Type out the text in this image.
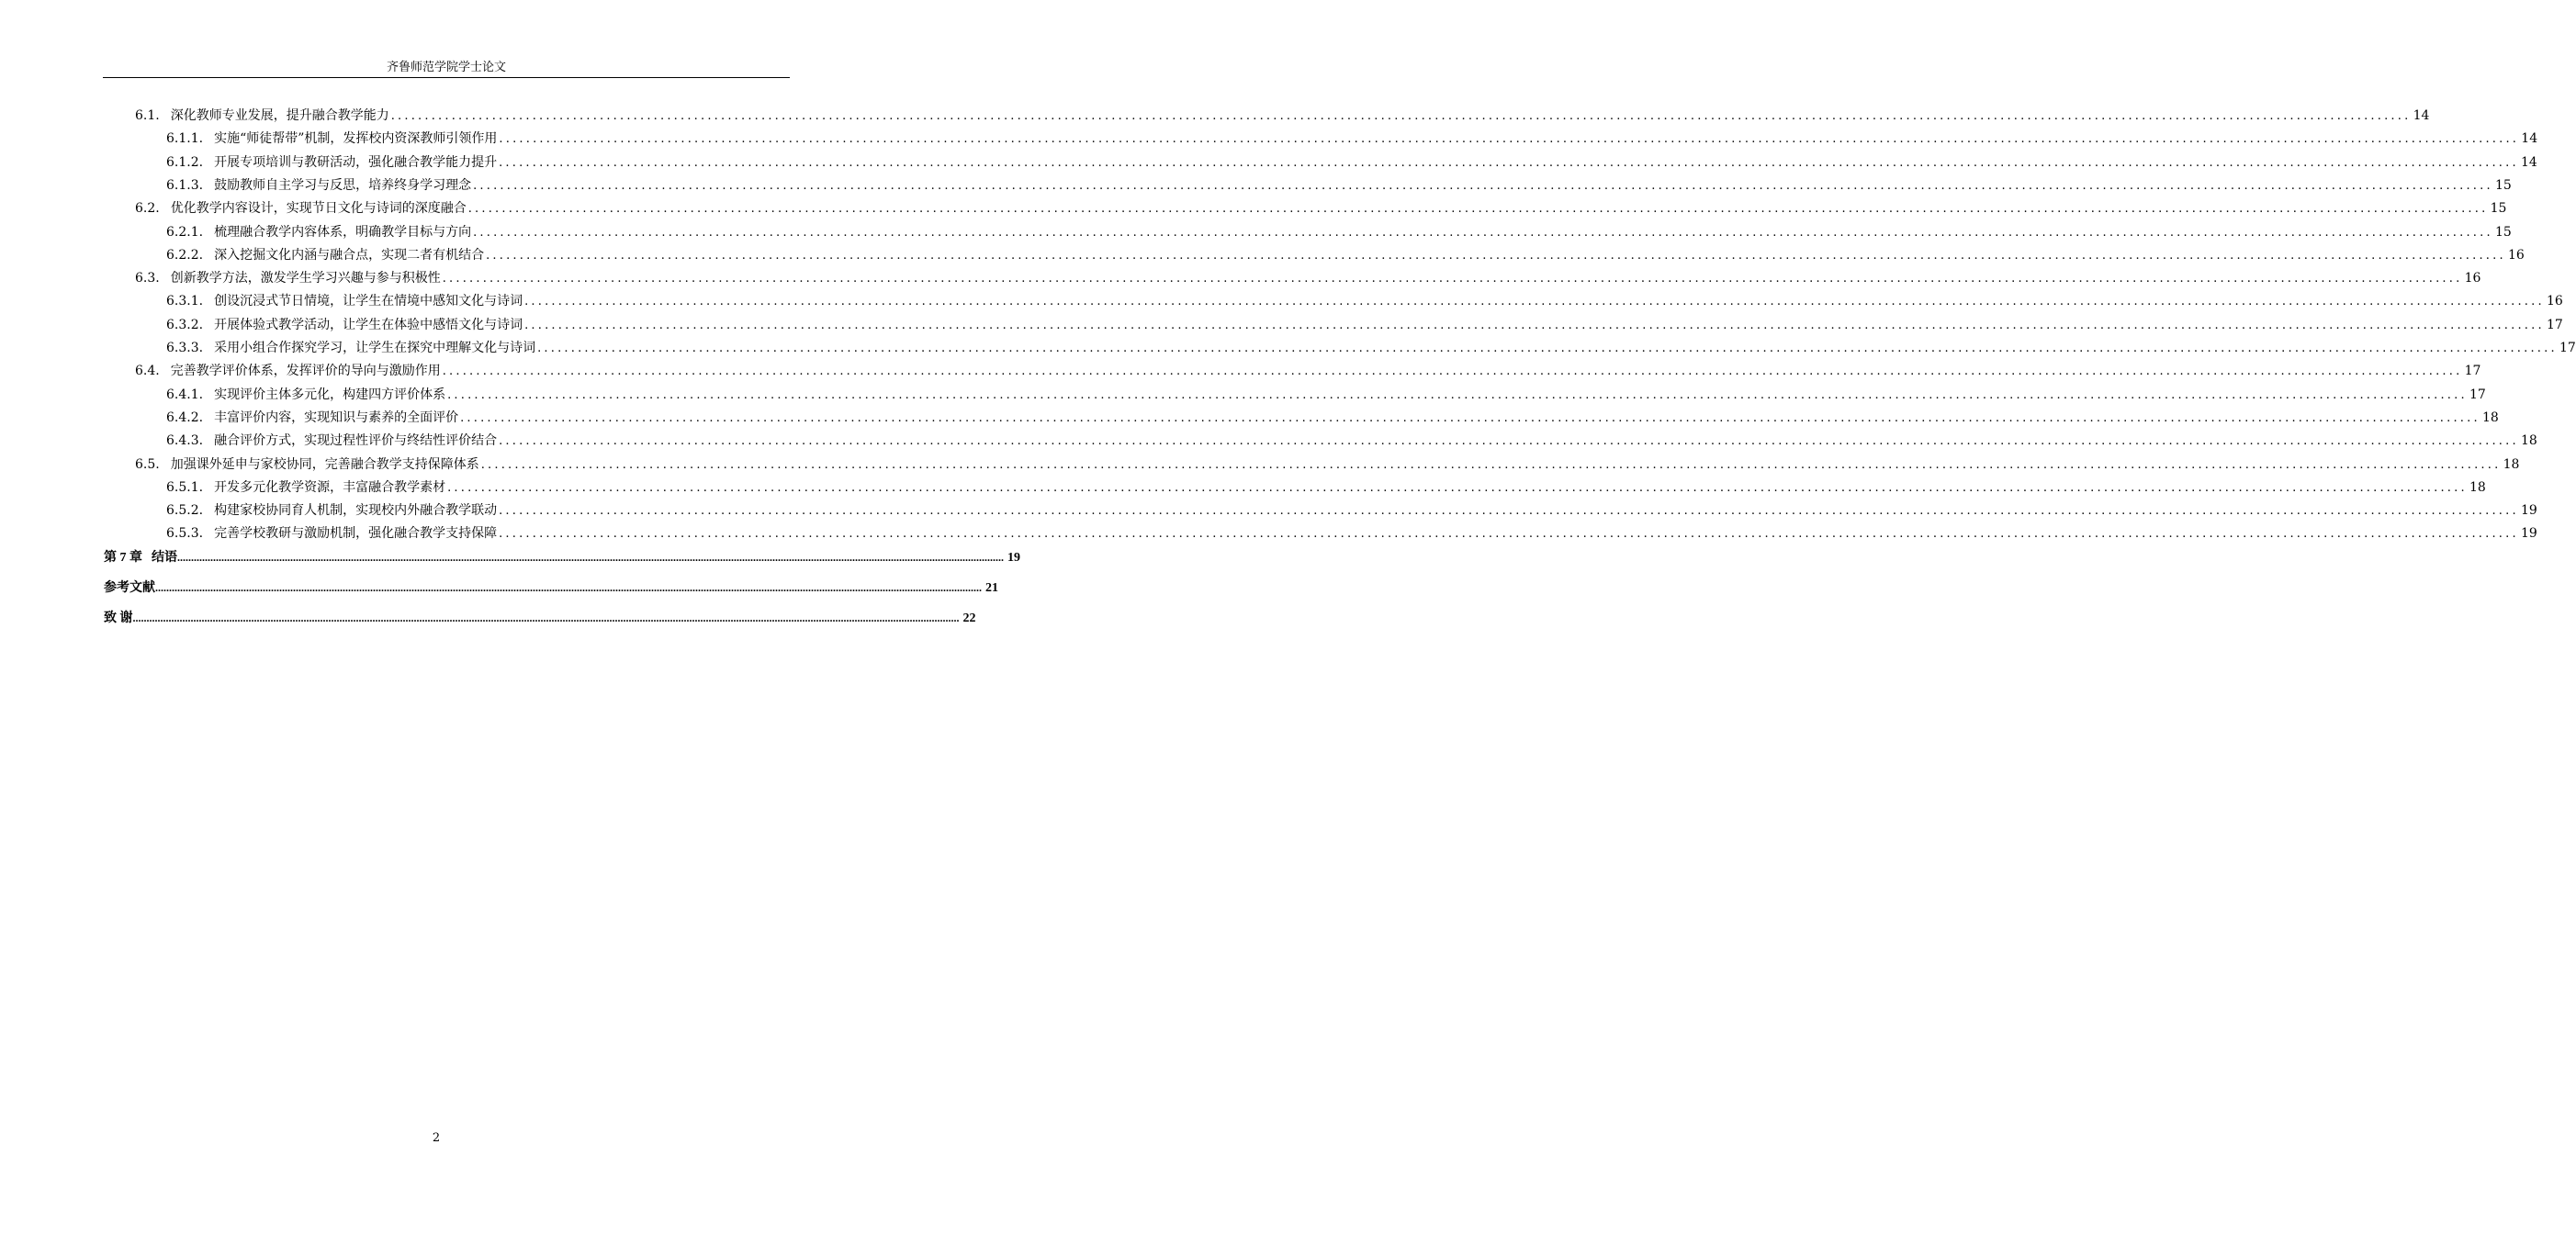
齐鲁师范学院学士论文
6.1. 深化教师专业发展，提升融合教学能力 ............................................................................................................................................................................................................................................................................................................ 14
6.1.1. 实施“师徒帮带”机制，发挥校内资深教师引领作用 ............................................................................................................................................................................................................................................................................................................ 14
6.1.2. 开展专项培训与教研活动，强化融合教学能力提升 ............................................................................................................................................................................................................................................................................................................ 14
6.1.3. 鼓励教师自主学习与反思，培养终身学习理念 ............................................................................................................................................................................................................................................................................................................ 15
6.2. 优化教学内容设计，实现节日文化与诗词的深度融合 ............................................................................................................................................................................................................................................................................................................ 15
6.2.1. 梳理融合教学内容体系，明确教学目标与方向 ............................................................................................................................................................................................................................................................................................................ 15
6.2.2. 深入挖掘文化内涵与融合点，实现二者有机结合 ............................................................................................................................................................................................................................................................................................................ 16
6.3. 创新教学方法，激发学生学习兴趣与参与积极性 ............................................................................................................................................................................................................................................................................................................ 16
6.3.1. 创设沉浸式节日情境，让学生在情境中感知文化与诗词 ............................................................................................................................................................................................................................................................................................................ 16
6.3.2. 开展体验式教学活动，让学生在体验中感悟文化与诗词 ............................................................................................................................................................................................................................................................................................................ 17
6.3.3. 采用小组合作探究学习，让学生在探究中理解文化与诗词 ............................................................................................................................................................................................................................................................................................................ 17
6.4. 完善教学评价体系，发挥评价的导向与激励作用 ............................................................................................................................................................................................................................................................................................................ 17
6.4.1. 实现评价主体多元化，构建四方评价体系 ............................................................................................................................................................................................................................................................................................................ 17
6.4.2. 丰富评价内容，实现知识与素养的全面评价 ............................................................................................................................................................................................................................................................................................................ 18
6.4.3. 融合评价方式，实现过程性评价与终结性评价结合 ............................................................................................................................................................................................................................................................................................................ 18
6.5. 加强课外延申与家校协同，完善融合教学支持保障体系 ............................................................................................................................................................................................................................................................................................................ 18
6.5.1. 开发多元化教学资源，丰富融合教学素材 ............................................................................................................................................................................................................................................................................................................ 18
6.5.2. 构建家校协同育人机制，实现校内外融合教学联动 ............................................................................................................................................................................................................................................................................................................ 19
6.5.3. 完善学校教研与激励机制，强化融合教学支持保障 ............................................................................................................................................................................................................................................................................................................ 19
第 7 章 结语 ............................................................................................................................................................................................................................................................................................................ 19
参考文献 ............................................................................................................................................................................................................................................................................................................ 21
致 谢 ............................................................................................................................................................................................................................................................................................................ 22
2
